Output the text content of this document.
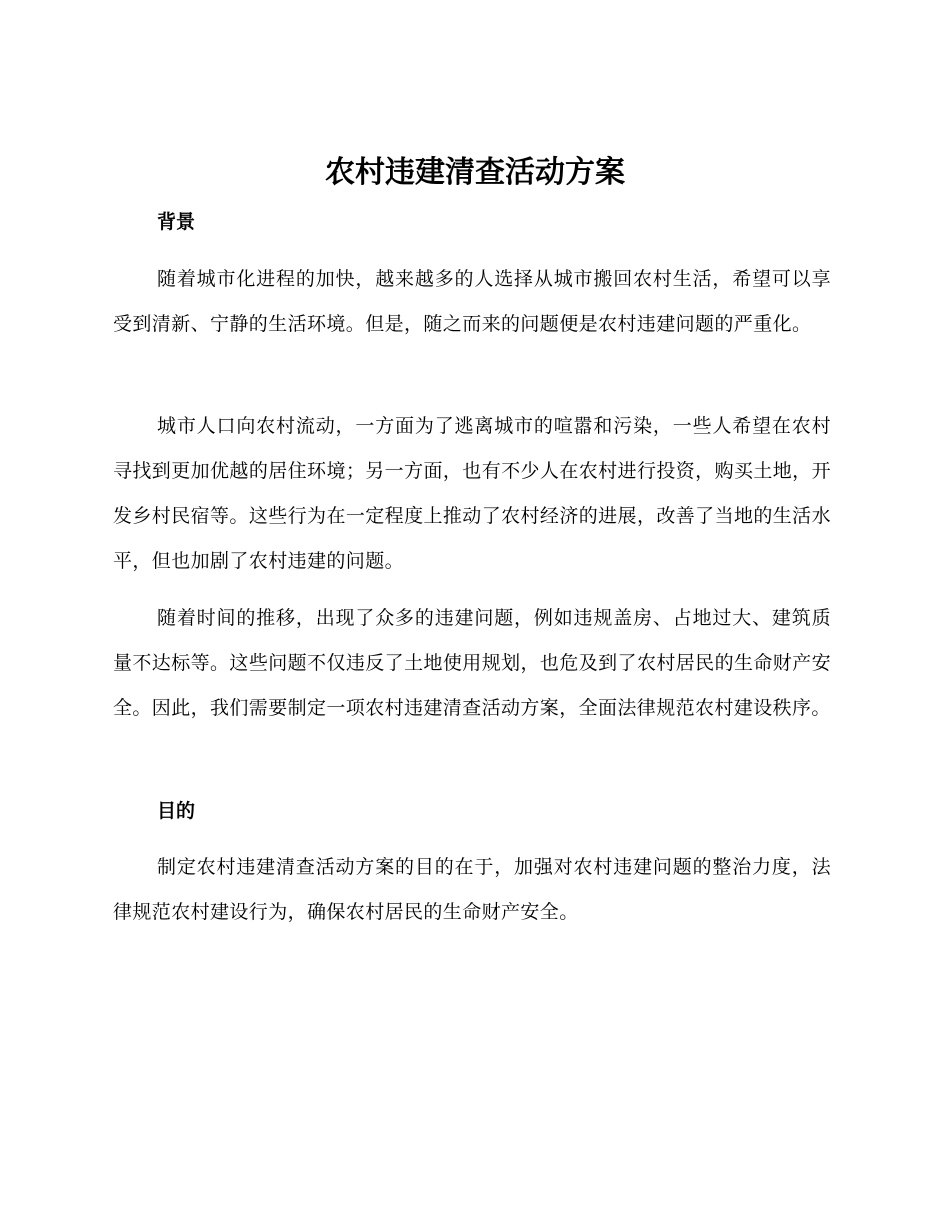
农村违建清查活动方案
背景

随着城市化进程的加快，越来越多的人选择从城市搬回农村生活，希望可以享受到清新、宁静的生活环境。但是，随之而来的问题便是农村违建问题的严重化。

城市人口向农村流动，一方面为了逃离城市的喧嚣和污染，一些人希望在农村寻找到更加优越的居住环境；另一方面，也有不少人在农村进行投资，购买土地，开发乡村民宿等。这些行为在一定程度上推动了农村经济的进展，改善了当地的生活水平，但也加剧了农村违建的问题。

随着时间的推移，出现了众多的违建问题，例如违规盖房、占地过大、建筑质量不达标等。这些问题不仅违反了土地使用规划，也危及到了农村居民的生命财产安全。因此，我们需要制定一项农村违建清查活动方案，全面法律规范农村建设秩序。

目的

制定农村违建清查活动方案的目的在于，加强对农村违建问题的整治力度，法律规范农村建设行为，确保农村居民的生命财产安全。
